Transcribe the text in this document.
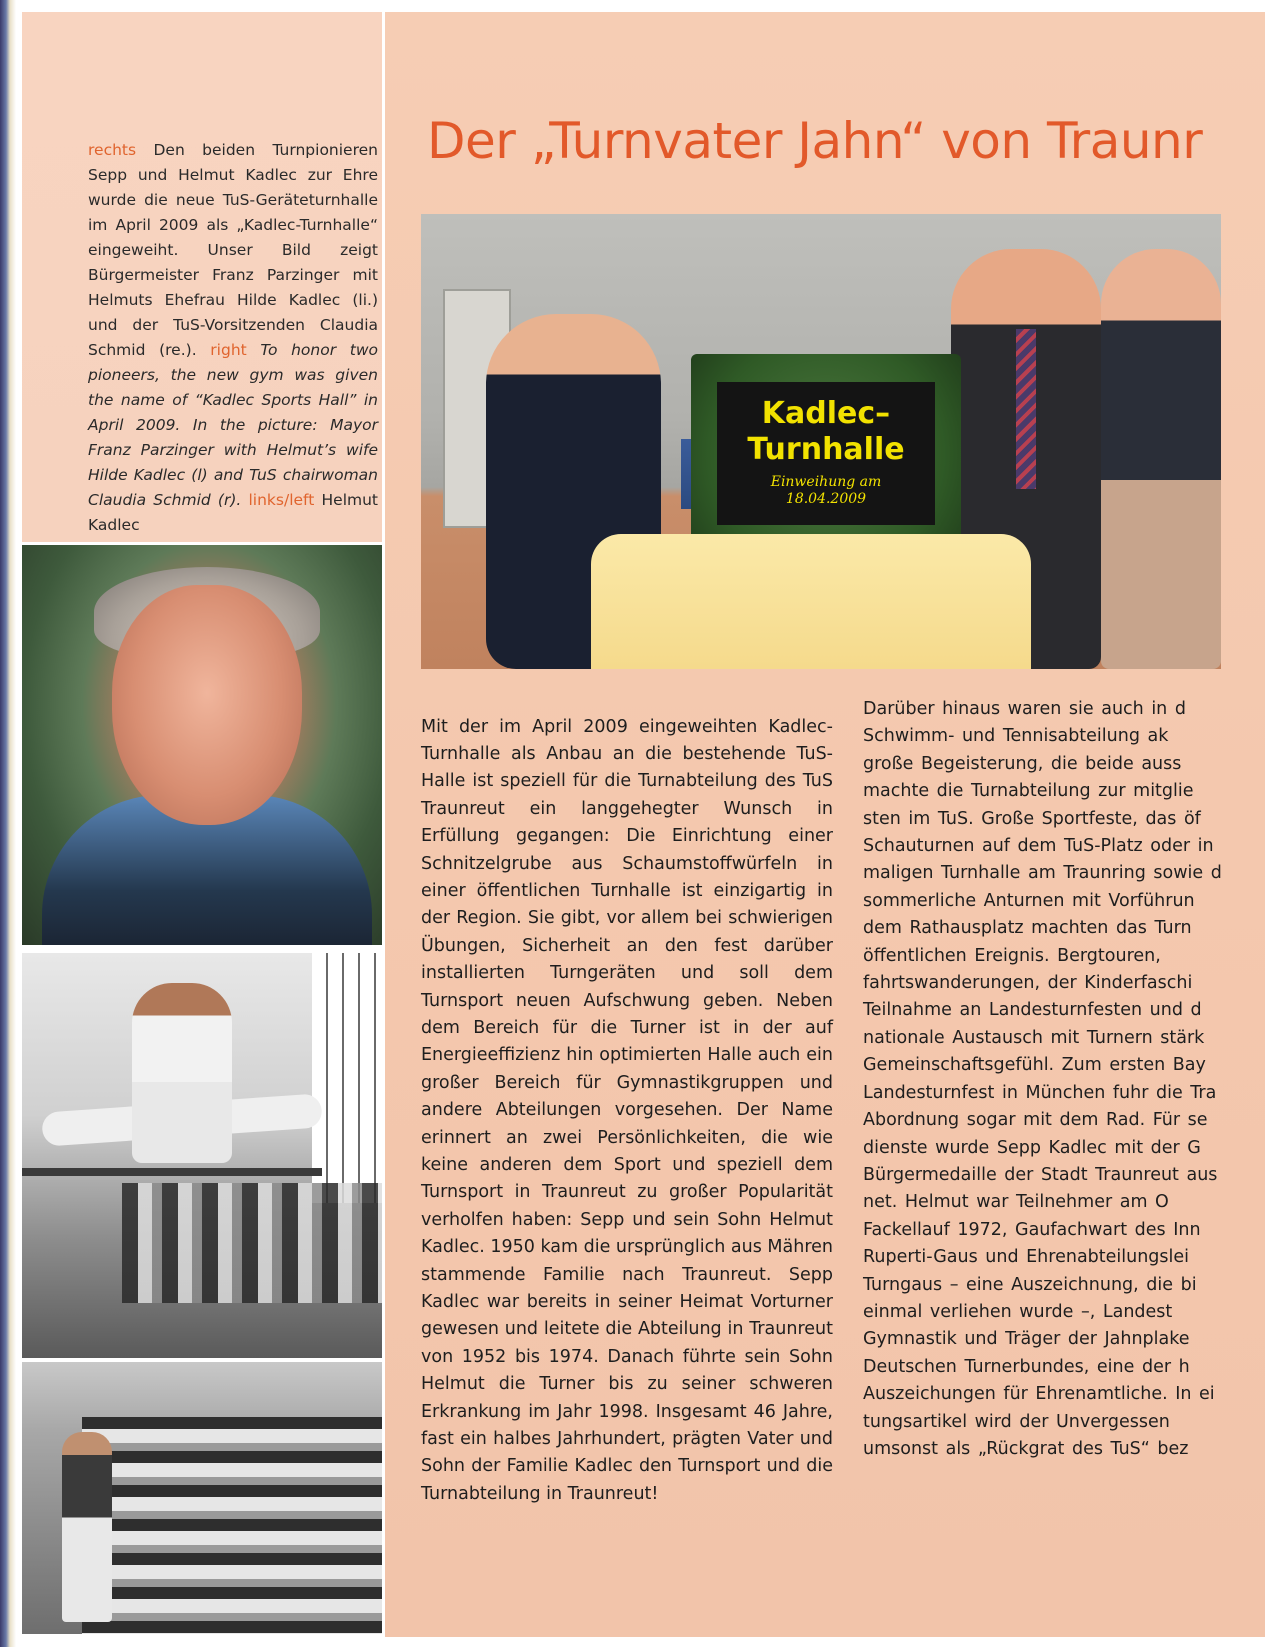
rechts Den beiden Turnpionieren Sepp und Helmut Kadlec zur Ehre wurde die neue TuS-Geräteturnhalle im April 2009 als „Kadlec-Turnhalle“ eingeweiht. Unser Bild zeigt Bürgermeister Franz Parzinger mit Helmuts Ehefrau Hilde Kadlec (li.) und der TuS-Vorsitzenden Claudia Schmid (re.). right To honor two pioneers, the new gym was given the name of “Kadlec Sports Hall” in April 2009. In the picture: Mayor Franz Parzinger with Helmut’s wife Hilde Kadlec (l) and TuS chairwoman Claudia Schmid (r). links/left Helmut Kadlec

Der „Turnvater Jahn“ von Traunr
Kadlec–
Turnhalle
Einweihung am
18.04.2009

Mit der im April 2009 eingeweihten Kadlec-Turnhalle als Anbau an die bestehende TuS-Halle ist speziell für die Turnabteilung des TuS Traunreut ein langgehegter Wunsch in Erfüllung gegangen: Die Einrichtung einer Schnitzelgrube aus Schaumstoffwürfeln in einer öffentlichen Turnhalle ist einzigartig in der Region. Sie gibt, vor allem bei schwierigen Übungen, Sicherheit an den fest darüber installierten Turngeräten und soll dem Turnsport neuen Aufschwung geben. Neben dem Bereich für die Turner ist in der auf Energieeffizienz hin optimierten Halle auch ein großer Bereich für Gymnastikgruppen und andere Abteilungen vorgesehen. Der Name erinnert an zwei Persönlichkeiten, die wie keine anderen dem Sport und speziell dem Turnsport in Traunreut zu großer Popularität verholfen haben: Sepp und sein Sohn Helmut Kadlec. 1950 kam die ursprünglich aus Mähren stammende Familie nach Traunreut. Sepp Kadlec war bereits in seiner Heimat Vorturner gewesen und leitete die Abteilung in Traunreut von 1952 bis 1974. Danach führte sein Sohn Helmut die Turner bis zu seiner schweren Erkrankung im Jahr 1998. Insgesamt 46 Jahre, fast ein halbes Jahrhundert, prägten Vater und Sohn der Familie Kadlec den Turnsport und die Turnabteilung in Traunreut!

Darüber hinaus waren sie auch in d
Schwimm- und Tennisabteilung ak
große Begeisterung, die beide auss
machte die Turnabteilung zur mitglie
sten im TuS. Große Sportfeste, das öf
Schauturnen auf dem TuS-Platz oder in
maligen Turnhalle am Traunring sowie d
sommerliche Anturnen mit Vorführun
dem Rathausplatz machten das Turn
öffentlichen Ereignis. Bergtouren,
fahrtswanderungen, der Kinderfaschi
Teilnahme an Landesturnfesten und d
nationale Austausch mit Turnern stärk
Gemeinschaftsgefühl. Zum ersten Bay
Landesturnfest in München fuhr die Tra
Abordnung sogar mit dem Rad. Für se
dienste wurde Sepp Kadlec mit der G
Bürgermedaille der Stadt Traunreut aus
net. Helmut war Teilnehmer am O
Fackellauf 1972, Gaufachwart des Inn
Ruperti-Gaus und Ehrenabteilungslei
Turngaus – eine Auszeichnung, die bi
einmal verliehen wurde –, Landest
Gymnastik und Träger der Jahnplake
Deutschen Turnerbundes, eine der h
Auszeichungen für Ehrenamtliche. In ei
tungsartikel wird der Unvergessen
umsonst als „Rückgrat des TuS“ bez
